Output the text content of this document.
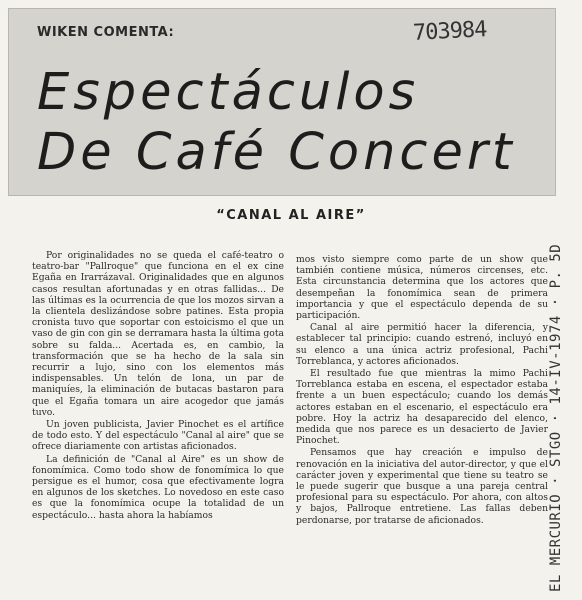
WIKEN COMENTA:	703984
Espectáculos
De Café Concert
“CANAL AL AIRE”

Por originalidades no se queda el café-teatro o teatro-bar "Pallroque" que funciona en el ex cine Egaña en Irarrázaval. Originalidades que en algunos casos resultan afortunadas y en otras fallidas... De las últimas es la ocurrencia de que los mozos sirvan a la clientela deslizándose sobre patines. Esta propia cronista tuvo que soportar con estoicismo el que un vaso de gin con gin se derramara hasta la última gota sobre su falda... Acertada es, en cambio, la transformación que se ha hecho de la sala sin recurrir a lujo, sino con los elementos más indispensables. Un telón de lona, un par de maniquíes, la eliminación de butacas bastaron para que el Egaña tomara un aire acogedor que jamás tuvo.

Un joven publicista, Javier Pinochet es el artífice de todo esto. Y del espectáculo "Canal al aire" que se ofrece diariamente con artistas aficionados.

La definición de "Canal al Aire" es un show de fonomímica. Como todo show de fonomímica lo que persigue es el humor, cosa que efectivamente logra en algunos de los sketches. Lo novedoso en este caso es que la fonomímica ocupe la totalidad de un espectáculo... hasta ahora la habíamos

mos visto siempre como parte de un show que también contiene música, números circenses, etc. Esta circunstancia determina que los actores que desempeñan la fonomímica sean de primera importancia y que el espectáculo dependa de su participación.

Canal al aire permitió hacer la diferencia, y establecer tal principio: cuando estrenó, incluyó en su elenco a una única actriz profesional, Pachi Torreblanca, y actores aficionados.

El resultado fue que mientras la mimo Pachi Torreblanca estaba en escena, el espectador estaba frente a un buen espectáculo; cuando los demás actores estaban en el escenario, el espectáculo era pobre. Hoy la actriz ha desaparecido del elenco, medida que nos parece es un desacierto de Javier Pinochet.

Pensamos que hay creación e impulso de renovación en la iniciativa del autor-director, y que el carácter joven y experimental que tiene su teatro se le puede sugerir que busque a una pareja central profesional para su espectáculo. Por ahora, con altos y bajos, Pallroque entretiene. Las fallas deben perdonarse, por tratarse de aficionados.	EL MERCURIO · STGO · 14-IV-1974 · P. 5D
